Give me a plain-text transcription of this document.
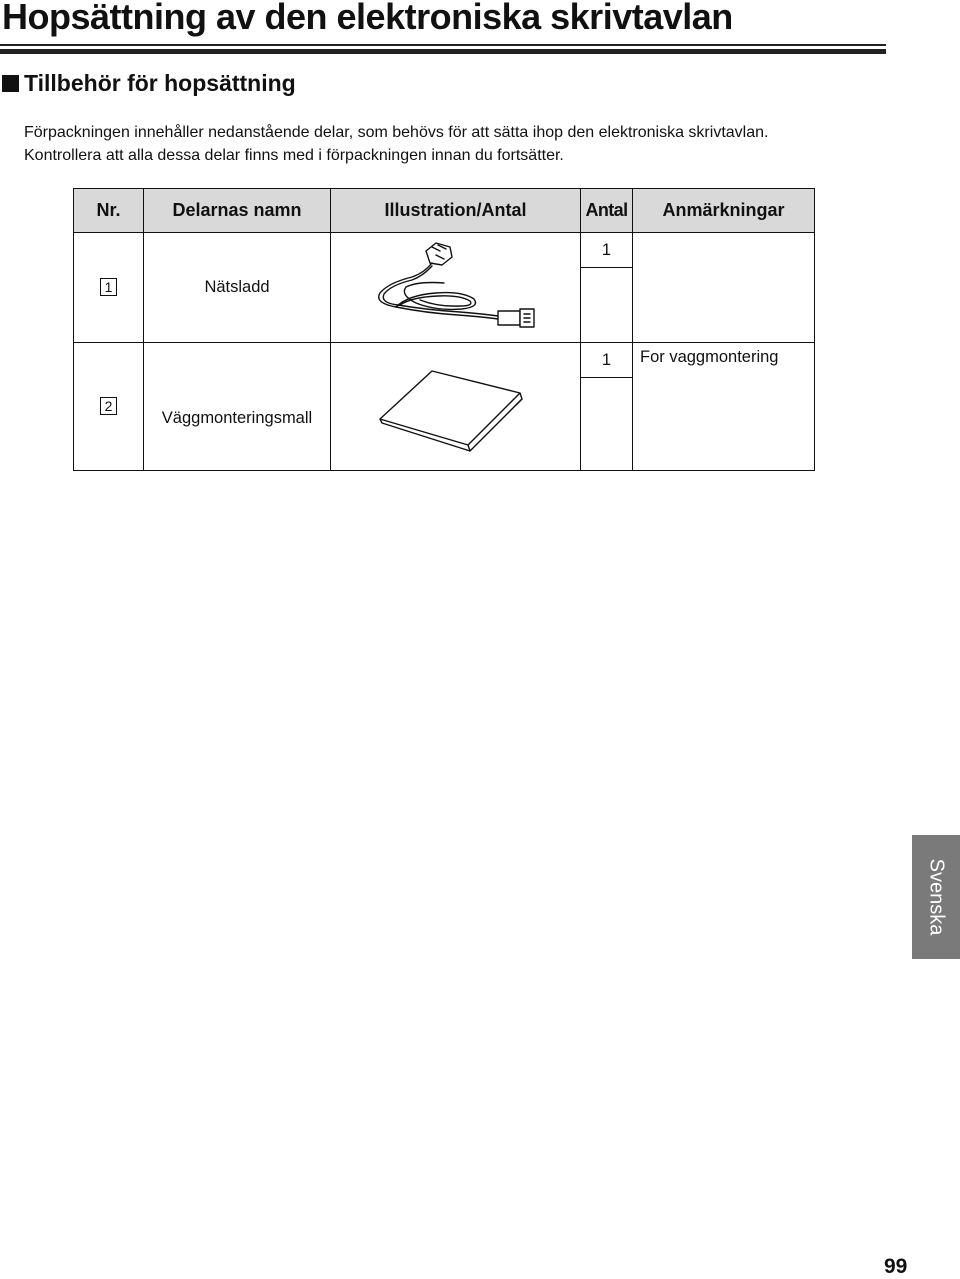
Hopsättning av den elektroniska skrivtavlan
Tillbehör för hopsättning

Förpackningen innehåller nedanstående delar, som behövs för att sätta ihop den elektroniska skrivtavlan.

Kontrollera att alla dessa delar finns med i förpackningen innan du fortsätter.

Nr.	Delarnas namn	Illustration/Antal	Antal	Anmärkningar
1	Nätsladd		1	

2	Väggmonteringsmall		1	For vaggmontering

Svenska
99
